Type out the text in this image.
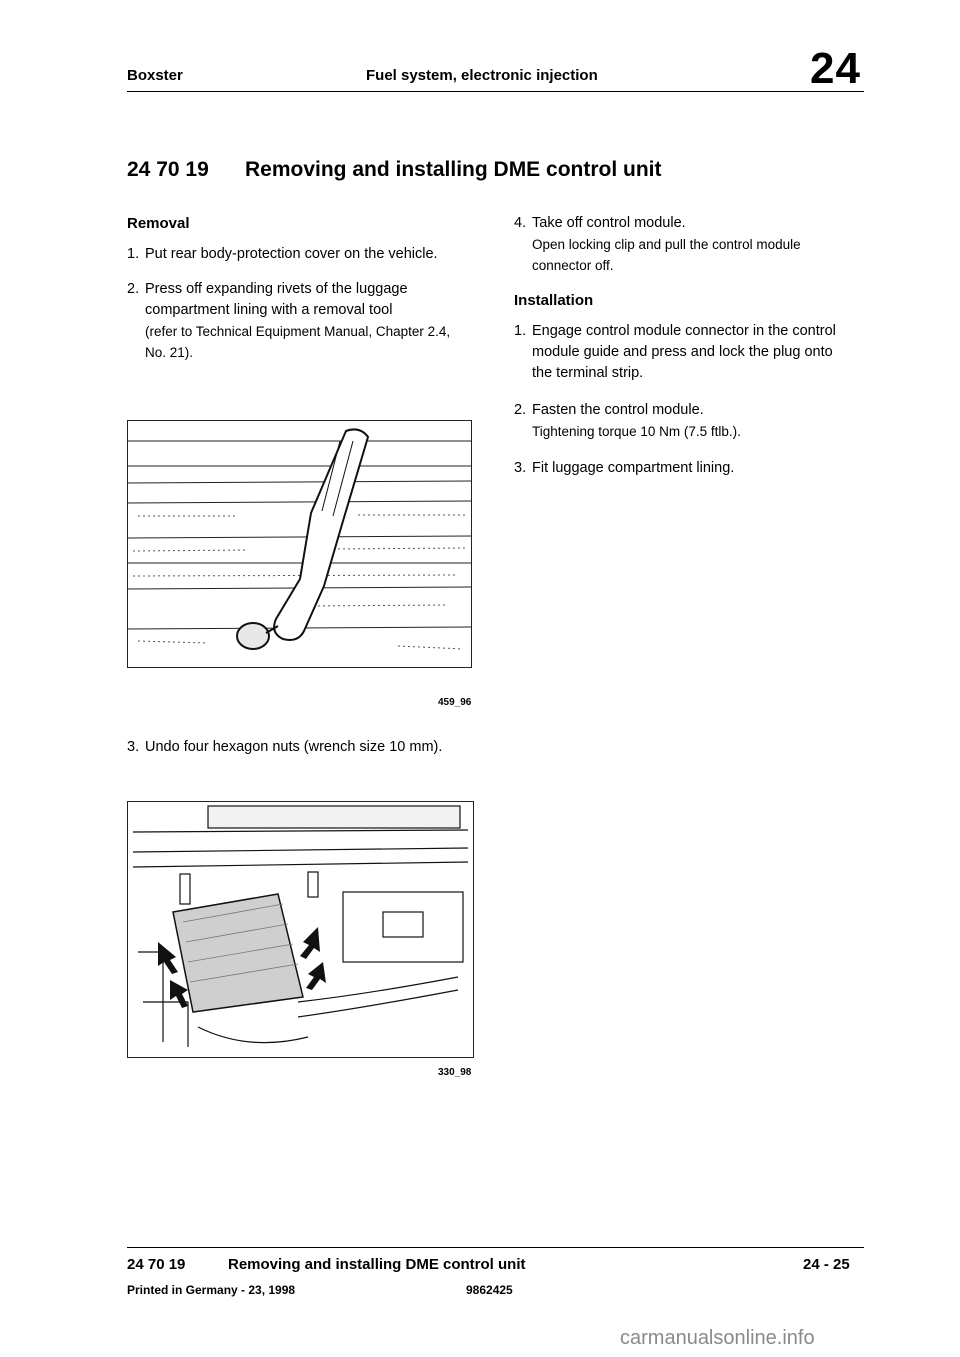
Boxster	Fuel system, electronic injection	24
24 70 19 Removing and installing DME control unit
Removal
1. Put rear body-protection cover on the vehicle.
2. Press off expanding rivets of the luggage compartment lining with a removal tool
(refer to Technical Equipment Manual, Chapter 2.4, No. 21).
459_96
3. Undo four hexagon nuts (wrench size 10 mm).
330_98
4. Take off control module.
Open locking clip and pull the control module connector off.
Installation
1. Engage control module connector in the control module guide and press and lock the plug onto the terminal strip.
2. Fasten the control module.
Tightening torque 10 Nm (7.5 ftlb.).
3. Fit luggage compartment lining.
24 70 19	Removing and installing DME control unit	24 - 25
Printed in Germany - 23, 1998	9862425
carmanualsonline.info
